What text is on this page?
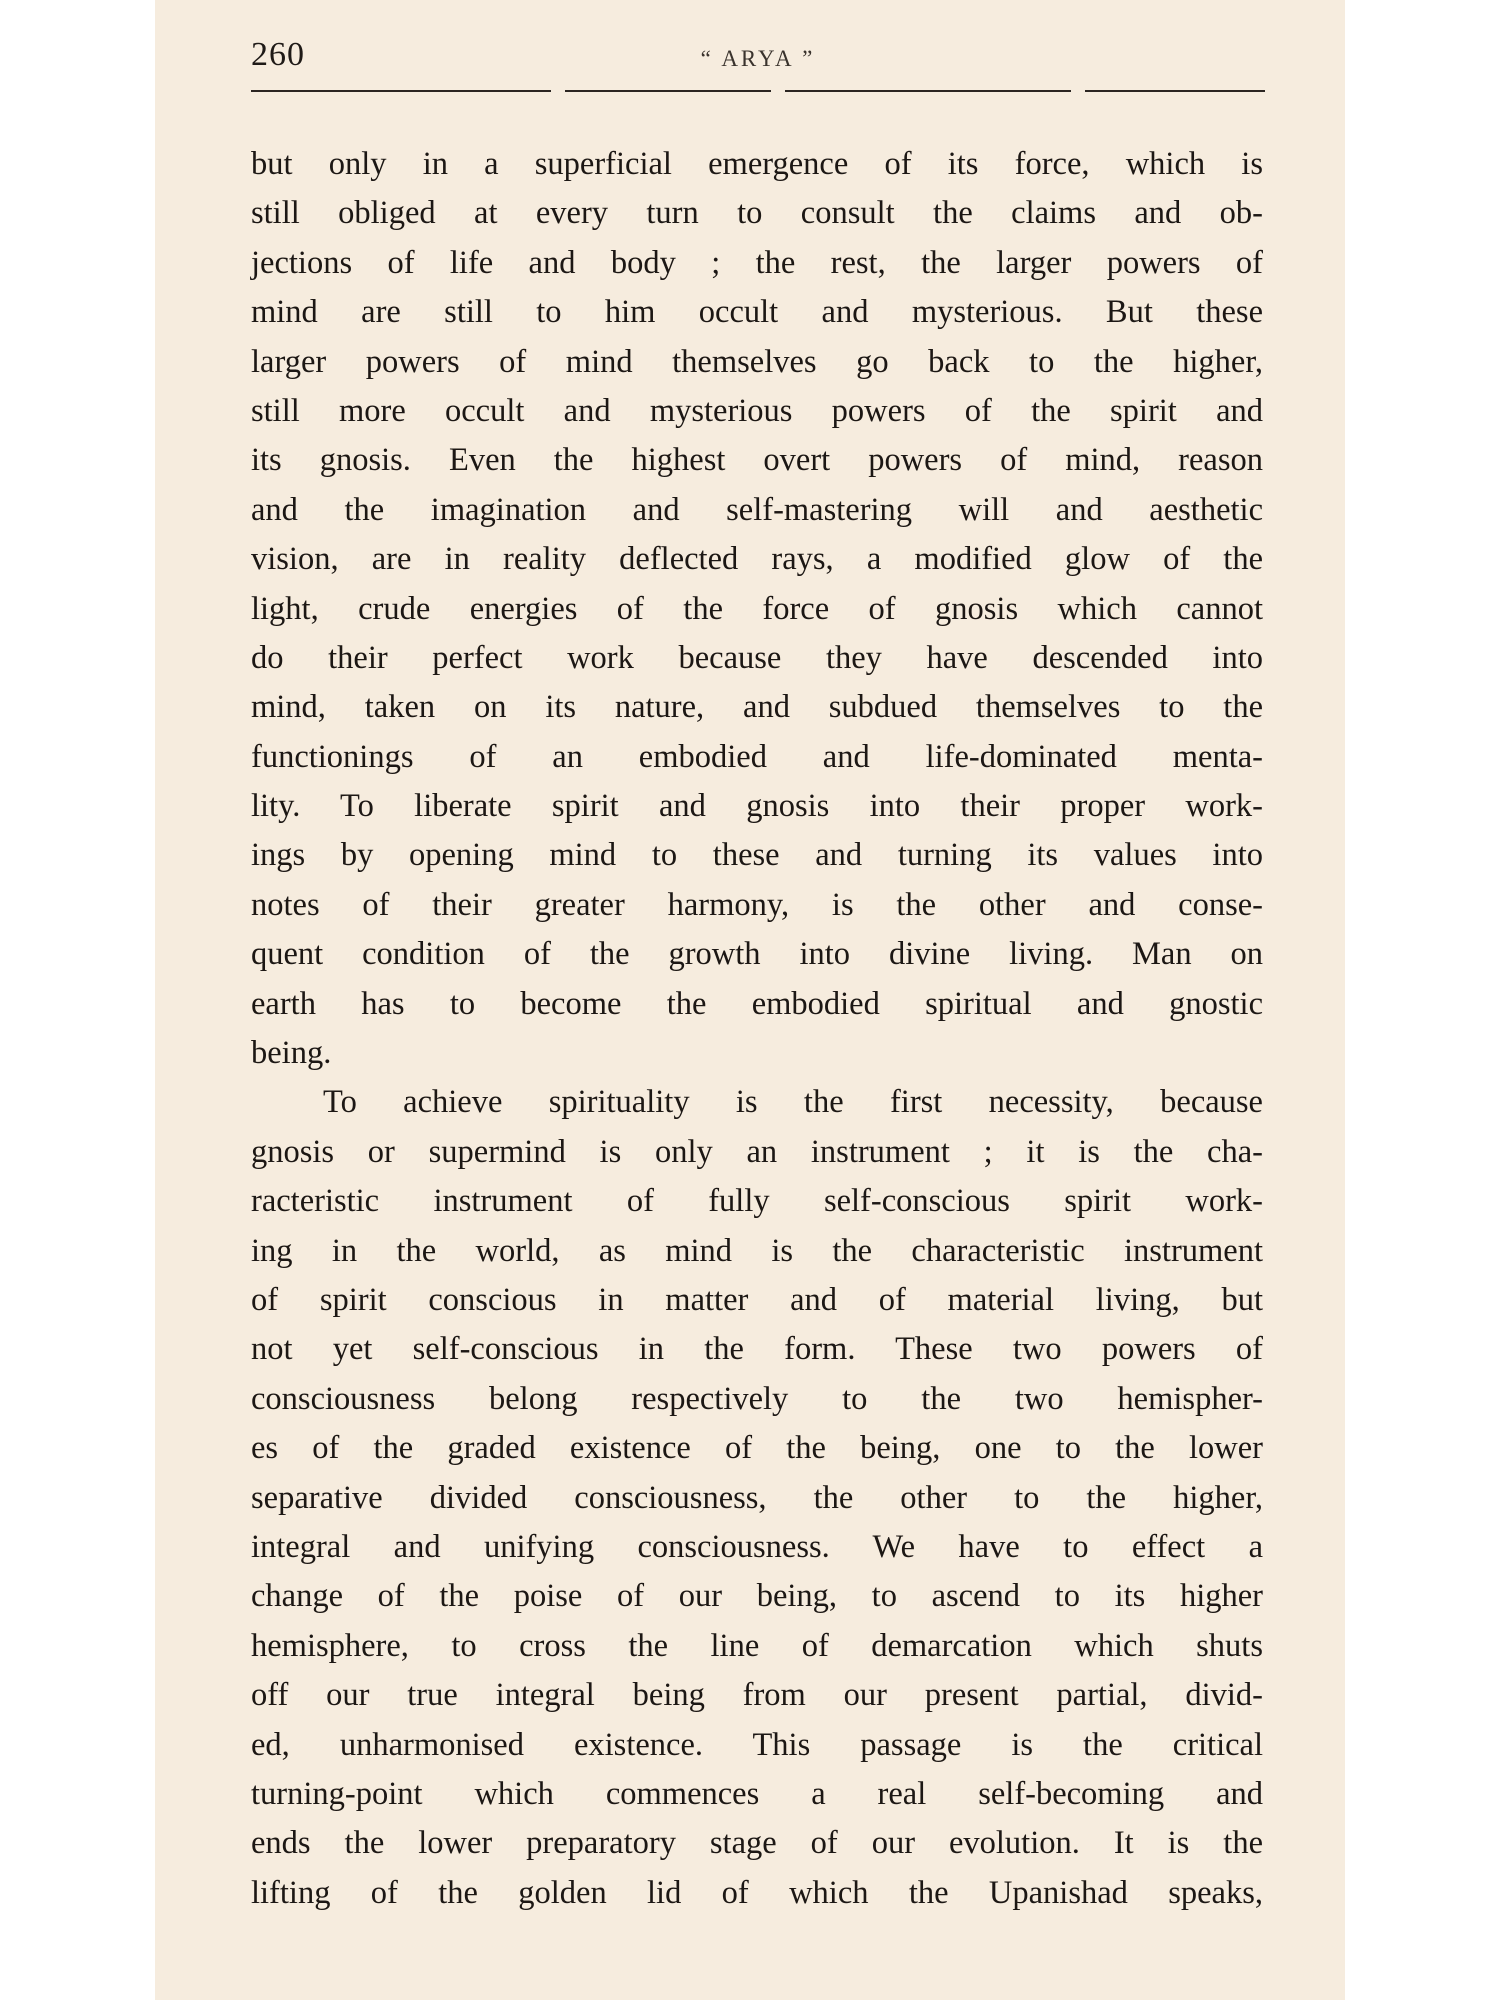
260	“ ARYA ”
but only in a superficial emergence of its force, which is
still obliged at every turn to consult the claims and ob-
jections of life and body ; the rest, the larger powers of
mind are still to him occult and mysterious. But these
larger powers of mind themselves go back to the higher,
still more occult and mysterious powers of the spirit and
its gnosis. Even the highest overt powers of mind, reason
and the imagination and self-mastering will and aesthetic
vision, are in reality deflected rays, a modified glow of the
light, crude energies of the force of gnosis which cannot
do their perfect work because they have descended into
mind, taken on its nature, and subdued themselves to the
functionings of an embodied and life-dominated menta-
lity. To liberate spirit and gnosis into their proper work-
ings by opening mind to these and turning its values into
notes of their greater harmony, is the other and conse-
quent condition of the growth into divine living. Man on
earth has to become the embodied spiritual and gnostic
being.
To achieve spirituality is the first necessity, because
gnosis or supermind is only an instrument ; it is the cha-
racteristic instrument of fully self-conscious spirit work-
ing in the world, as mind is the characteristic instrument
of spirit conscious in matter and of material living, but
not yet self-conscious in the form. These two powers of
consciousness belong respectively to the two hemispher-
es of the graded existence of the being, one to the lower
separative divided consciousness, the other to the higher,
integral and unifying consciousness. We have to effect a
change of the poise of our being, to ascend to its higher
hemisphere, to cross the line of demarcation which shuts
off our true integral being from our present partial, divid-
ed, unharmonised existence. This passage is the critical
turning-point which commences a real self-becoming and
ends the lower preparatory stage of our evolution. It is the
lifting of the golden lid of which the Upanishad speaks,
